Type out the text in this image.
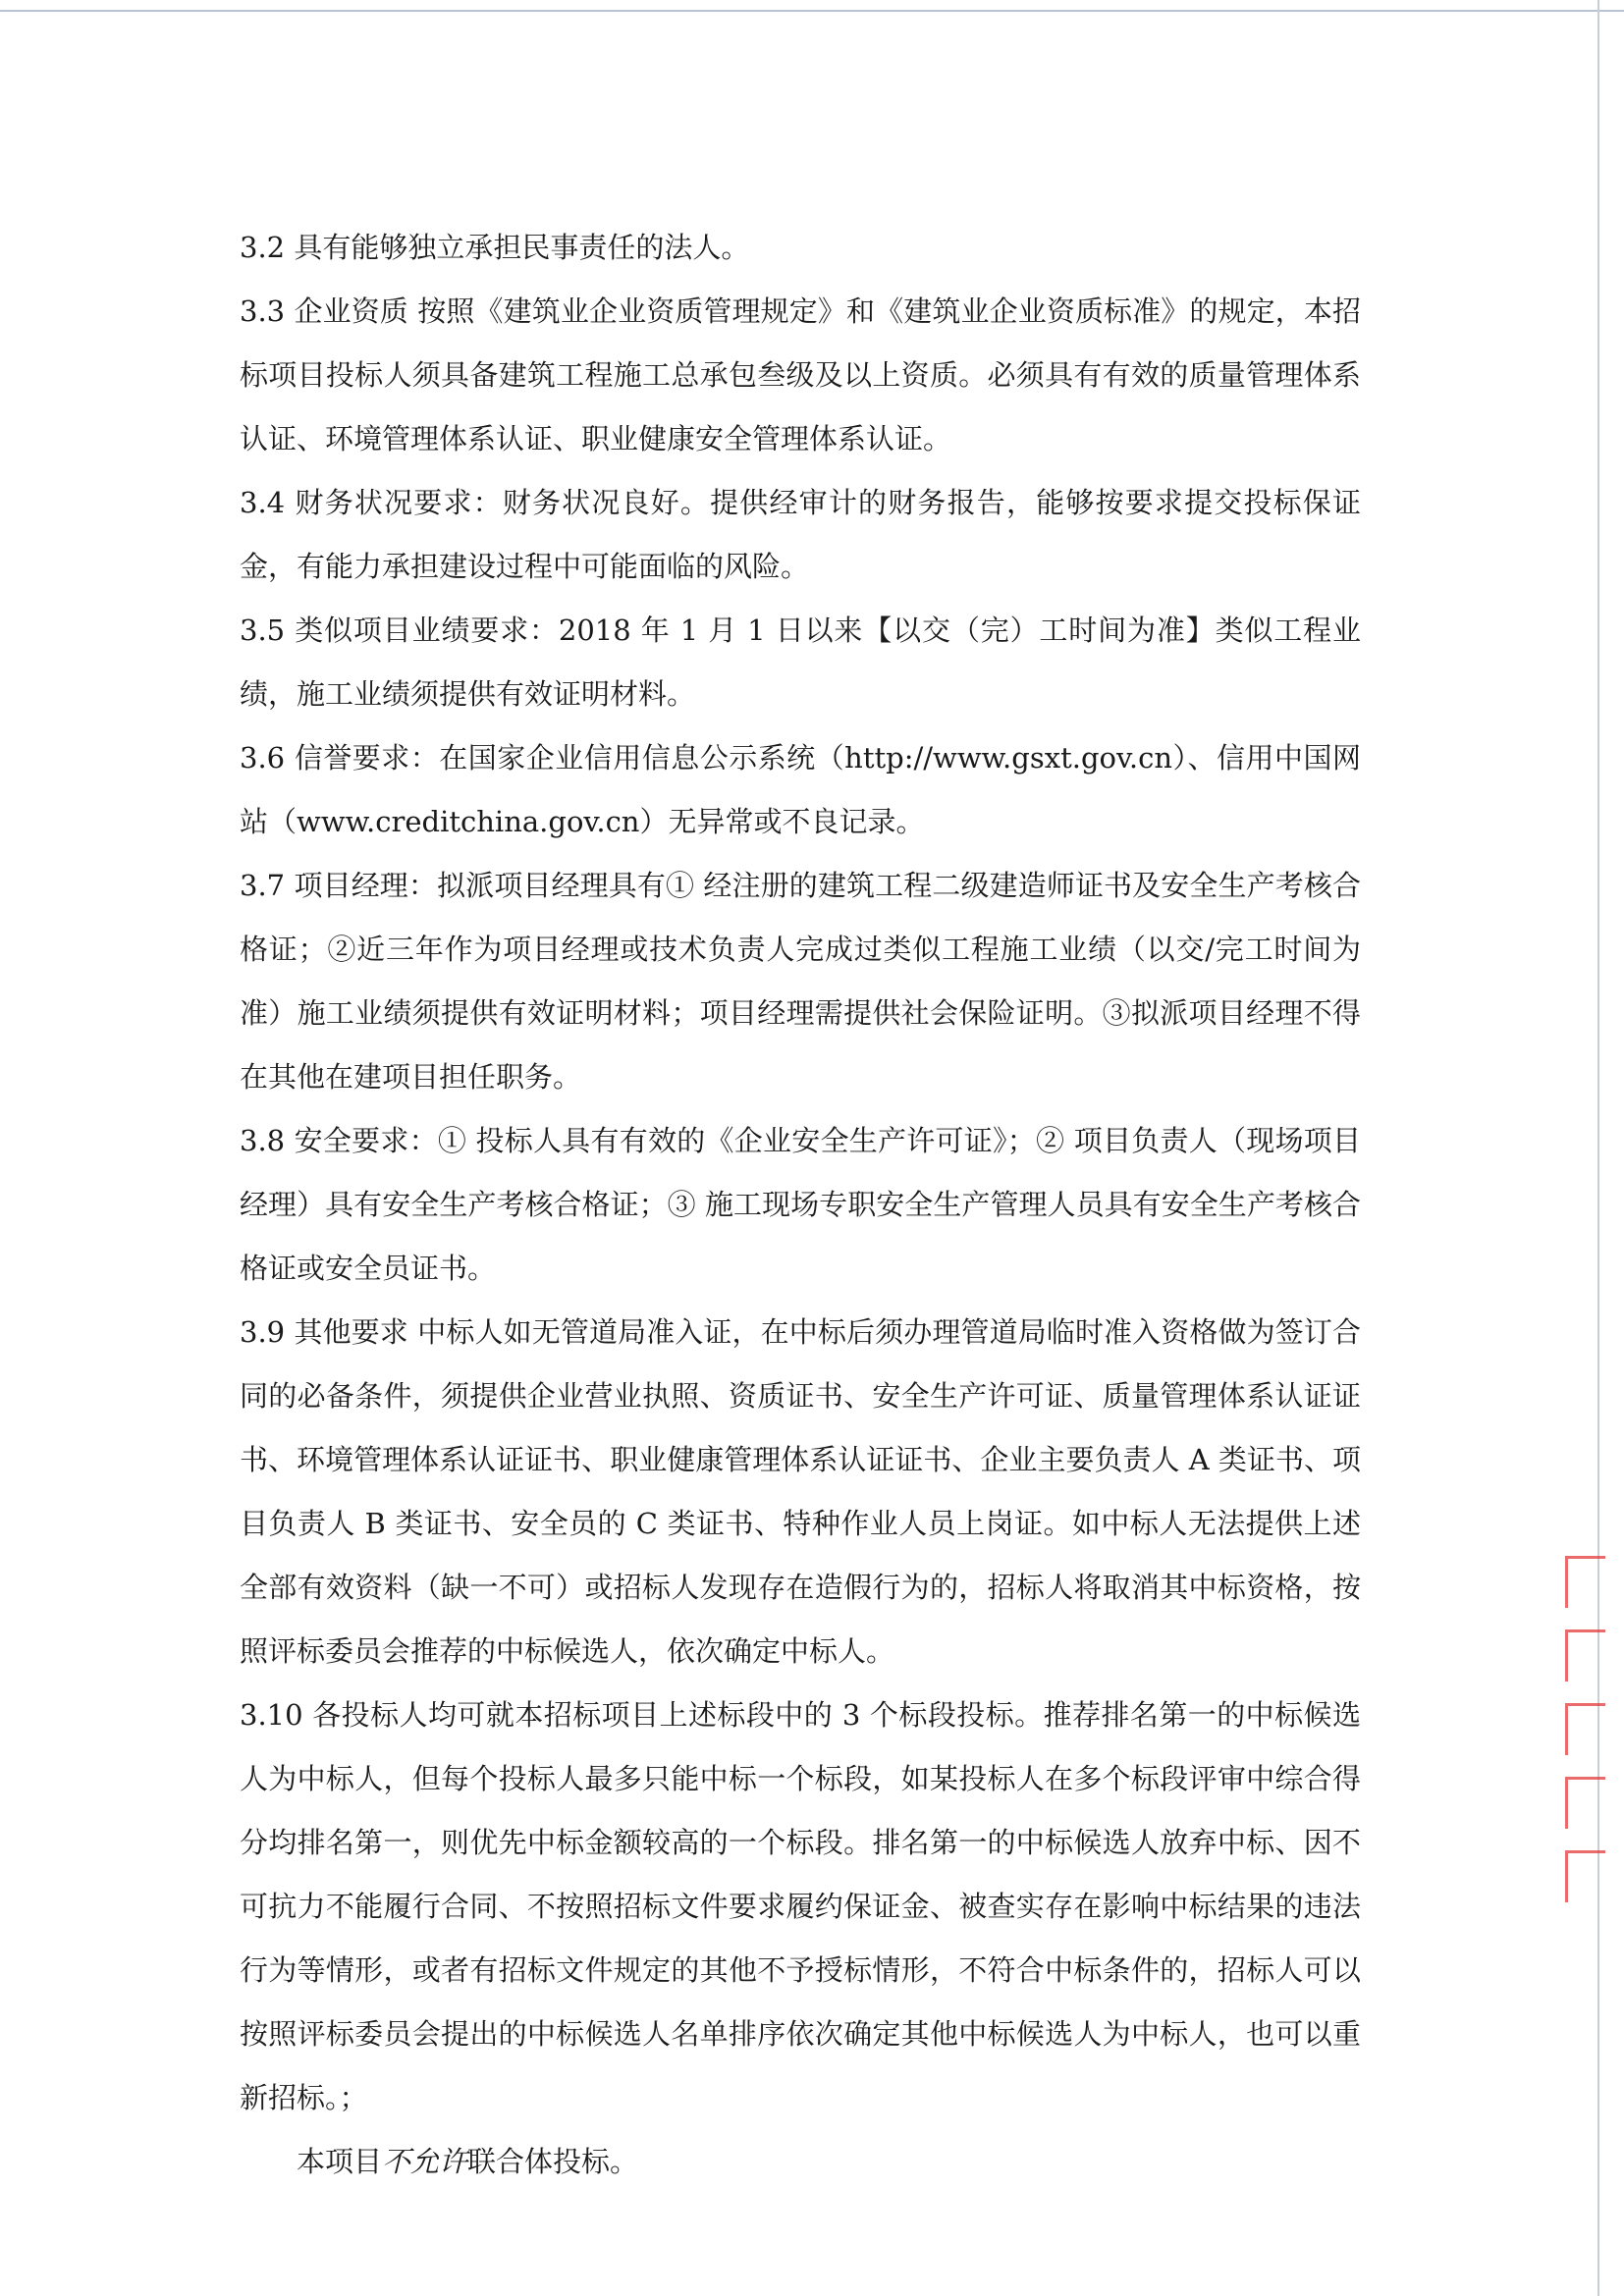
3.2 具有能够独立承担民事责任的法人。

3.3 企业资质 按照《建筑业企业资质管理规定》和《建筑业企业资质标准》的规定，本招标项目投标人须具备建筑工程施工总承包叁级及以上资质。必须具有有效的质量管理体系认证、环境管理体系认证、职业健康安全管理体系认证。

3.4 财务状况要求：财务状况良好。提供经审计的财务报告，能够按要求提交投标保证金，有能力承担建设过程中可能面临的风险。

3.5 类似项目业绩要求：2018 年 1 月 1 日以来【以交（完）工时间为准】类似工程业绩，施工业绩须提供有效证明材料。

3.6 信誉要求：在国家企业信用信息公示系统（http://www.gsxt.gov.cn）、信用中国网站（www.creditchina.gov.cn）无异常或不良记录。

3.7 项目经理：拟派项目经理具有① 经注册的建筑工程二级建造师证书及安全生产考核合格证；②近三年作为项目经理或技术负责人完成过类似工程施工业绩（以交/完工时间为准）施工业绩须提供有效证明材料；项目经理需提供社会保险证明。③拟派项目经理不得在其他在建项目担任职务。

3.8 安全要求：① 投标人具有有效的《企业安全生产许可证》；② 项目负责人（现场项目经理）具有安全生产考核合格证；③ 施工现场专职安全生产管理人员具有安全生产考核合格证或安全员证书。

3.9 其他要求 中标人如无管道局准入证，在中标后须办理管道局临时准入资格做为签订合同的必备条件，须提供企业营业执照、资质证书、安全生产许可证、质量管理体系认证证书、环境管理体系认证证书、职业健康管理体系认证证书、企业主要负责人 A 类证书、项目负责人 B 类证书、安全员的 C 类证书、特种作业人员上岗证。如中标人无法提供上述全部有效资料（缺一不可）或招标人发现存在造假行为的，招标人将取消其中标资格，按照评标委员会推荐的中标候选人，依次确定中标人。

3.10 各投标人均可就本招标项目上述标段中的 3 个标段投标。推荐排名第一的中标候选人为中标人，但每个投标人最多只能中标一个标段，如某投标人在多个标段评审中综合得分均排名第一，则优先中标金额较高的一个标段。排名第一的中标候选人放弃中标、因不可抗力不能履行合同、不按照招标文件要求履约保证金、被查实存在影响中标结果的违法行为等情形，或者有招标文件规定的其他不予授标情形，不符合中标条件的，招标人可以按照评标委员会提出的中标候选人名单排序依次确定其他中标候选人为中标人，也可以重新招标。；

本项目不允许联合体投标。
